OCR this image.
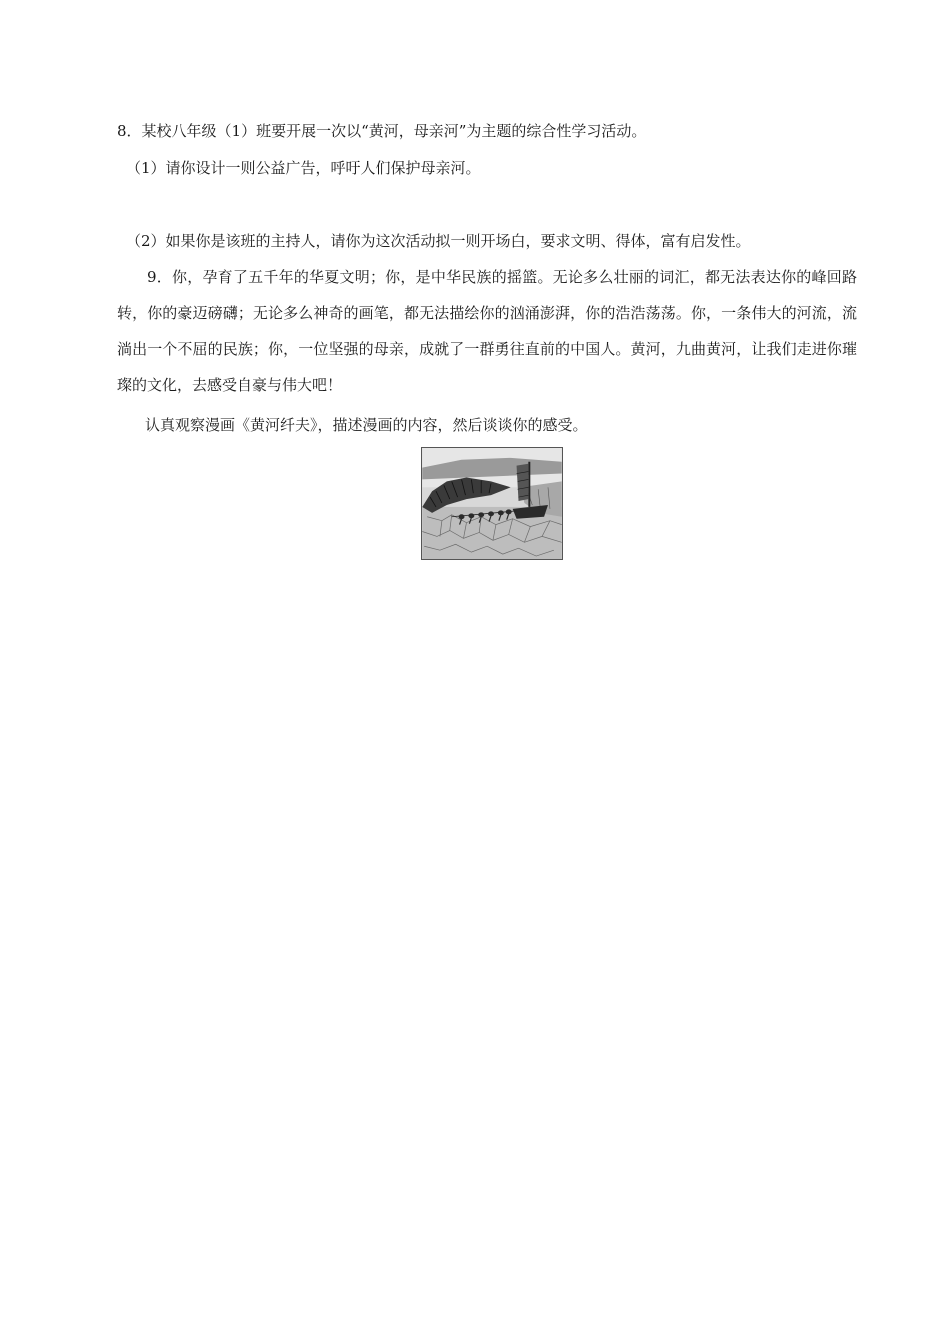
8．某校八年级（1）班要开展一次以“黄河，母亲河”为主题的综合性学习活动。
（1）请你设计一则公益广告，呼吁人们保护母亲河。
（2）如果你是该班的主持人，请你为这次活动拟一则开场白，要求文明、得体，富有启发性。
9．你，孕育了五千年的华夏文明；你，是中华民族的摇篮。无论多么壮丽的词汇，都无法表达你的峰回路转，你的豪迈磅礴；无论多么神奇的画笔，都无法描绘你的汹涌澎湃，你的浩浩荡荡。你，一条伟大的河流，流淌出一个不屈的民族；你，一位坚强的母亲，成就了一群勇往直前的中国人。黄河，九曲黄河，让我们走进你璀璨的文化，去感受自豪与伟大吧！
认真观察漫画《黄河纤夫》，描述漫画的内容，然后谈谈你的感受。
